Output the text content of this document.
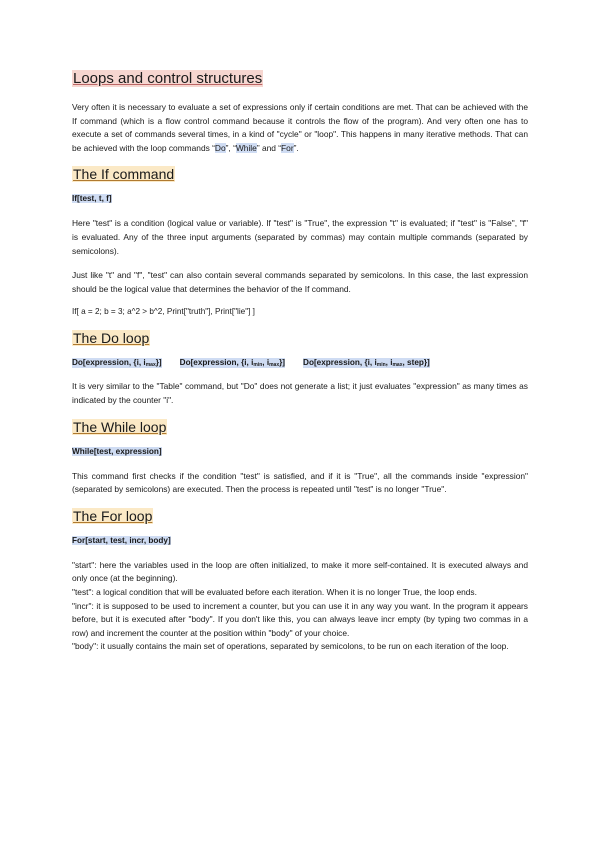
Loops and control structures

Very often it is necessary to evaluate a set of expressions only if certain conditions are met. That can be achieved with the If command (which is a flow control command because it controls the flow of the program). And very often one has to execute a set of commands several times, in a kind of "cycle" or "loop". This happens in many iterative methods. That can be achieved with the loop commands “Do”, “While” and “For”.

The If command
If[test, t, f]

Here "test" is a condition (logical value or variable). If "test" is "True", the expression "t" is evaluated; if "test" is "False", "f" is evaluated. Any of the three input arguments (separated by commas) may contain multiple commands (separated by semicolons).

Just like "t" and "f", "test" can also contain several commands separated by semicolons. In this case, the last expression should be the logical value that determines the behavior of the If command.

If[ a = 2; b = 3; a^2 > b^2, Print["truth"], Print["lie"] ]
The Do loop
Do[expression, {i, $i_{max}$}] Do[expression, {i, $i_{min}$, $i_{max}$}] Do[expression, {i, $i_{min}$, $i_{max}$, step}]

It is very similar to the "Table" command, but "Do" does not generate a list; it just evaluates "expression" as many times as indicated by the counter "i".

The While loop
While[test, expression]

This command first checks if the condition "test" is satisfied, and if it is "True", all the commands inside "expression" (separated by semicolons) are executed. Then the process is repeated until "test" is no longer "True".

The For loop
For[start, test, incr, body]

"start": here the variables used in the loop are often initialized, to make it more self-contained. It is executed always and only once (at the beginning).

"test": a logical condition that will be evaluated before each iteration. When it is no longer True, the loop ends.

"incr": it is supposed to be used to increment a counter, but you can use it in any way you want. In the program it appears before, but it is executed after "body". If you don't like this, you can always leave incr empty (by typing two commas in a row) and increment the counter at the position within "body" of your choice.

"body": it usually contains the main set of operations, separated by semicolons, to be run on each iteration of the loop.
